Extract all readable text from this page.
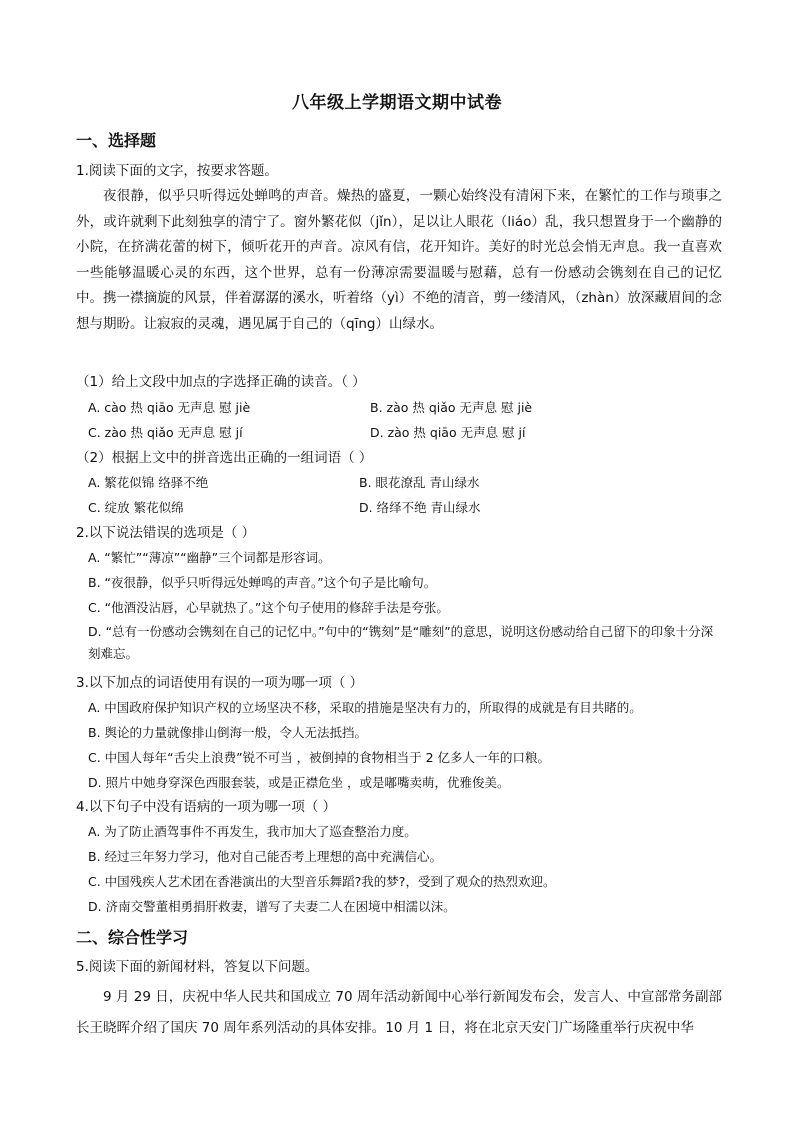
八年级上学期语文期中试卷
一、选择题
1.阅读下面的文字，按要求答题。
夜很静，似乎只听得远处蝉鸣的声音。燥热的盛夏，一颗心始终没有清闲下来，在繁忙的工作与琐事之外，或许就剩下此刻独享的清宁了。窗外繁花似（jǐn），足以让人眼花（liáo）乱，我只想置身于一个幽静的小院，在挤满花蕾的树下，倾听花开的声音。凉风有信，花开知许。美好的时光总会悄无声息。我一直喜欢一些能够温暖心灵的东西，这个世界，总有一份薄凉需要温暖与慰藉，总有一份感动会镌刻在自己的记忆中。携一襟摘旋的风景，伴着潺潺的溪水，听着络（yì）不绝的清音，剪一缕清风，（zhàn）放深藏眉间的念想与期盼。让寂寂的灵魂，遇见属于自己的（qīng）山绿水。
（1）给上文段中加点的字选择正确的读音。（ ）
A. cào 热 qiāo 无声息 慰 jiè	B. zào 热 qiǎo 无声息 慰 jiè
C. zào 热 qiǎo 无声息 慰 jí	D. zào 热 qiāo 无声息 慰 jí
（2）根据上文中的拼音选出正确的一组词语（ ）
A. 繁花似锦 络驿不绝	B. 眼花潦乱 青山绿水
C. 绽放 繁花似绵	D. 络绎不绝 青山绿水
2.以下说法错误的选项是（ ）
A. “繁忙”“薄凉”“幽静”三个词都是形容词。
B. “夜很静，似乎只听得远处蝉鸣的声音。”这个句子是比喻句。
C. “他酒没沾唇，心早就热了。”这个句子使用的修辞手法是夸张。
D. “总有一份感动会镌刻在自己的记忆中。”句中的“镌刻”是“雕刻”的意思，说明这份感动给自己留下的印象十分深刻难忘。
3.以下加点的词语使用有误的一项为哪一项（ ）
A. 中国政府保护知识产权的立场坚决不移，采取的措施是坚决有力的，所取得的成就是有目共睹的。
B. 舆论的力量就像排山倒海一般，令人无法抵挡。
C. 中国人每年“舌尖上浪费”锐不可当 ，被倒掉的食物相当于 2 亿多人一年的口粮。
D. 照片中她身穿深色西服套装，或是正襟危坐 ，或是嘟嘴卖萌，优雅俊美。
4.以下句子中没有语病的一项为哪一项（ ）
A. 为了防止酒驾事件不再发生，我市加大了巡查整治力度。
B. 经过三年努力学习，他对自己能否考上理想的高中充满信心。
C. 中国残疾人艺术团在香港演出的大型音乐舞蹈?我的梦?，受到了观众的热烈欢迎。
D. 济南交警董相勇捐肝救妻，谱写了夫妻二人在困境中相濡以沫。
二、综合性学习
5.阅读下面的新闻材料，答复以下问题。
9 月 29 日，庆祝中华人民共和国成立 70 周年活动新闻中心举行新闻发布会，发言人、中宣部常务副部长王晓晖介绍了国庆 70 周年系列活动的具体安排。10 月 1 日，将在北京天安门广场隆重举行庆祝中华
